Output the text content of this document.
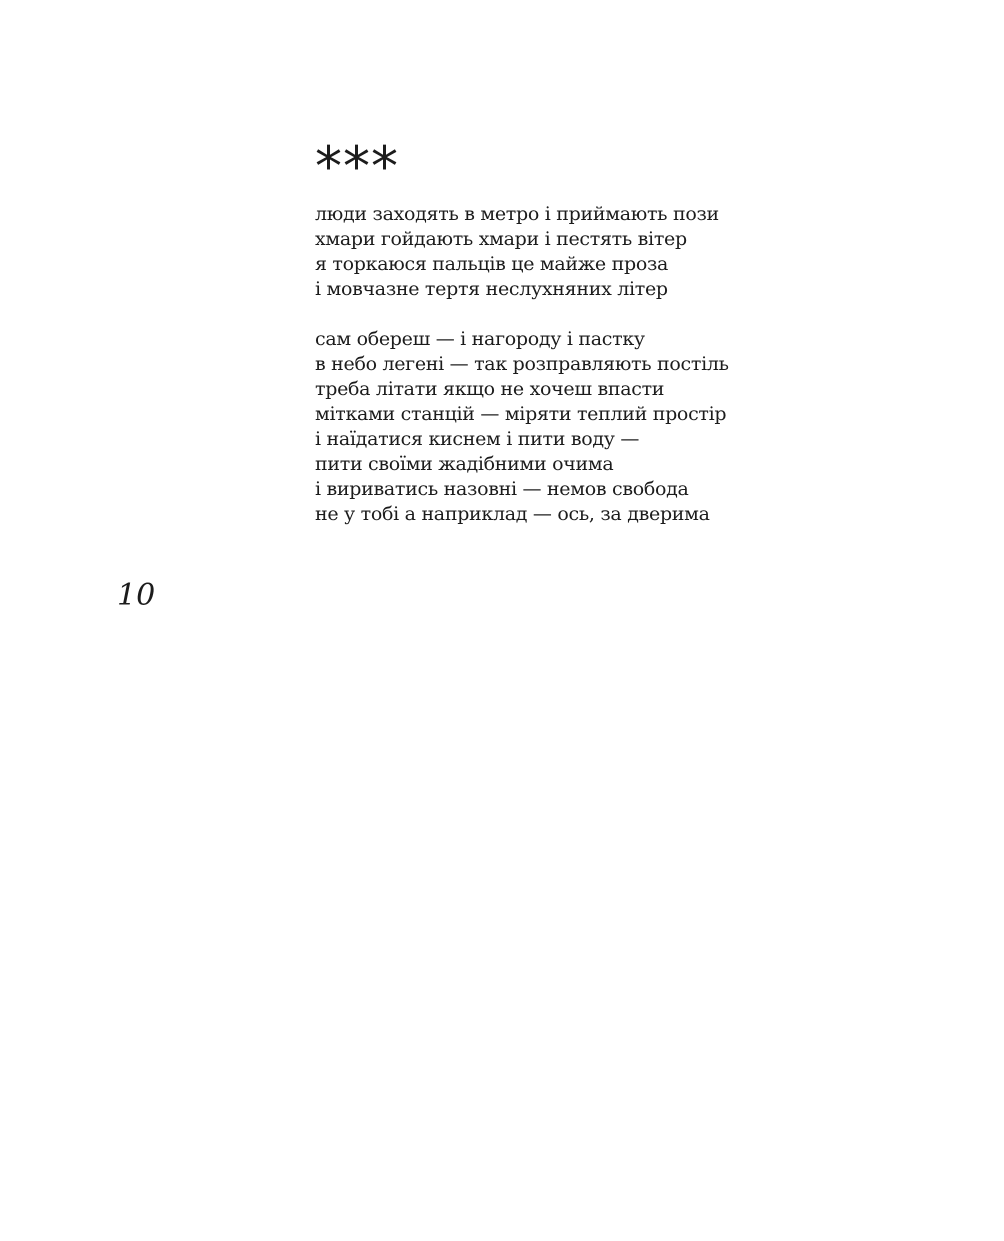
***
люди заходять в метро і приймають пози
хмари гойдають хмари і пестять вітер
я торкаюся пальців це майже проза
і мовчазне тертя неслухняних літер
сам обереш — і нагороду і пастку
в небо легені — так розправляють постіль
треба літати якщо не хочеш впасти
мітками станцій — міряти теплий простір
і наїдатися киснем і пити воду —
пити своїми жадібними очима
і вириватись назовні — немов свобода
не у тобі а наприклад — ось, за дверима
10
